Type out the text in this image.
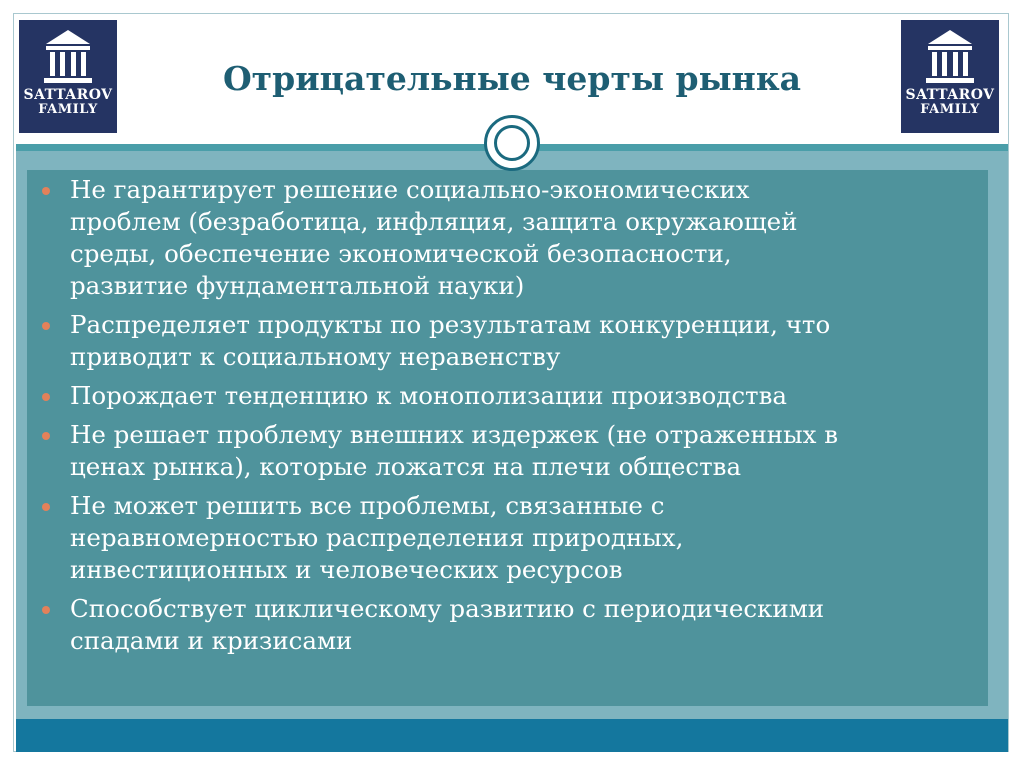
SATTAROV
FAMILY
Отрицательные черты рынка	SATTAROV
FAMILY
Не гарантирует решение социально-экономических
проблем (безработица, инфляция, защита окружающей
среды, обеспечение экономической безопасности,
развитие фундаментальной науки)
Распределяет продукты по результатам конкуренции, что
приводит к социальному неравенству
Порождает тенденцию к монополизации производства
Не решает проблему внешних издержек (не отраженных в
ценах рынка), которые ложатся на плечи общества
Не может решить все проблемы, связанные с
неравномерностью распределения природных,
инвестиционных и человеческих ресурсов
Способствует циклическому развитию с периодическими
спадами и кризисами
